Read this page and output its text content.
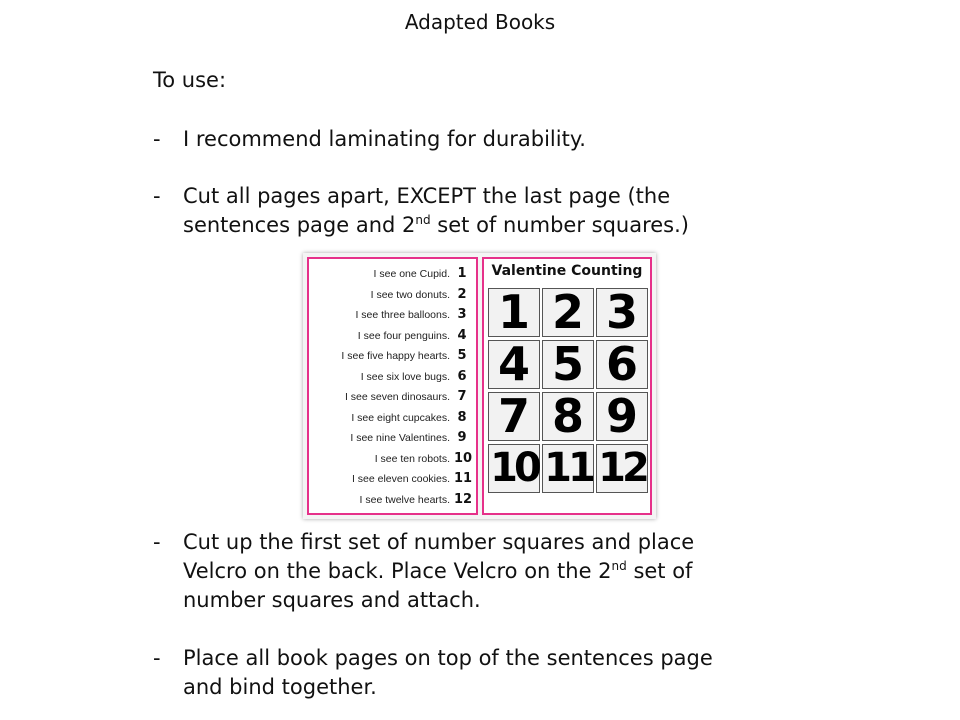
Adapted Books
To use:
- I recommend laminating for durability.
- Cut all pages apart, EXCEPT the last page (the
sentences page and 2nd set of number squares.)
I see one Cupid. 1
I see two donuts. 2
I see three balloons. 3
I see four penguins. 4
I see five happy hearts. 5
I see six love bugs. 6
I see seven dinosaurs. 7
I see eight cupcakes. 8
I see nine Valentines. 9
I see ten robots. 10
I see eleven cookies. 11
I see twelve hearts. 12
Valentine Counting
1 2 3
4 5 6
7 8 9
10 11 12
- Cut up the first set of number squares and place
Velcro on the back. Place Velcro on the 2nd set of
number squares and attach.
- Place all book pages on top of the sentences page
and bind together.
